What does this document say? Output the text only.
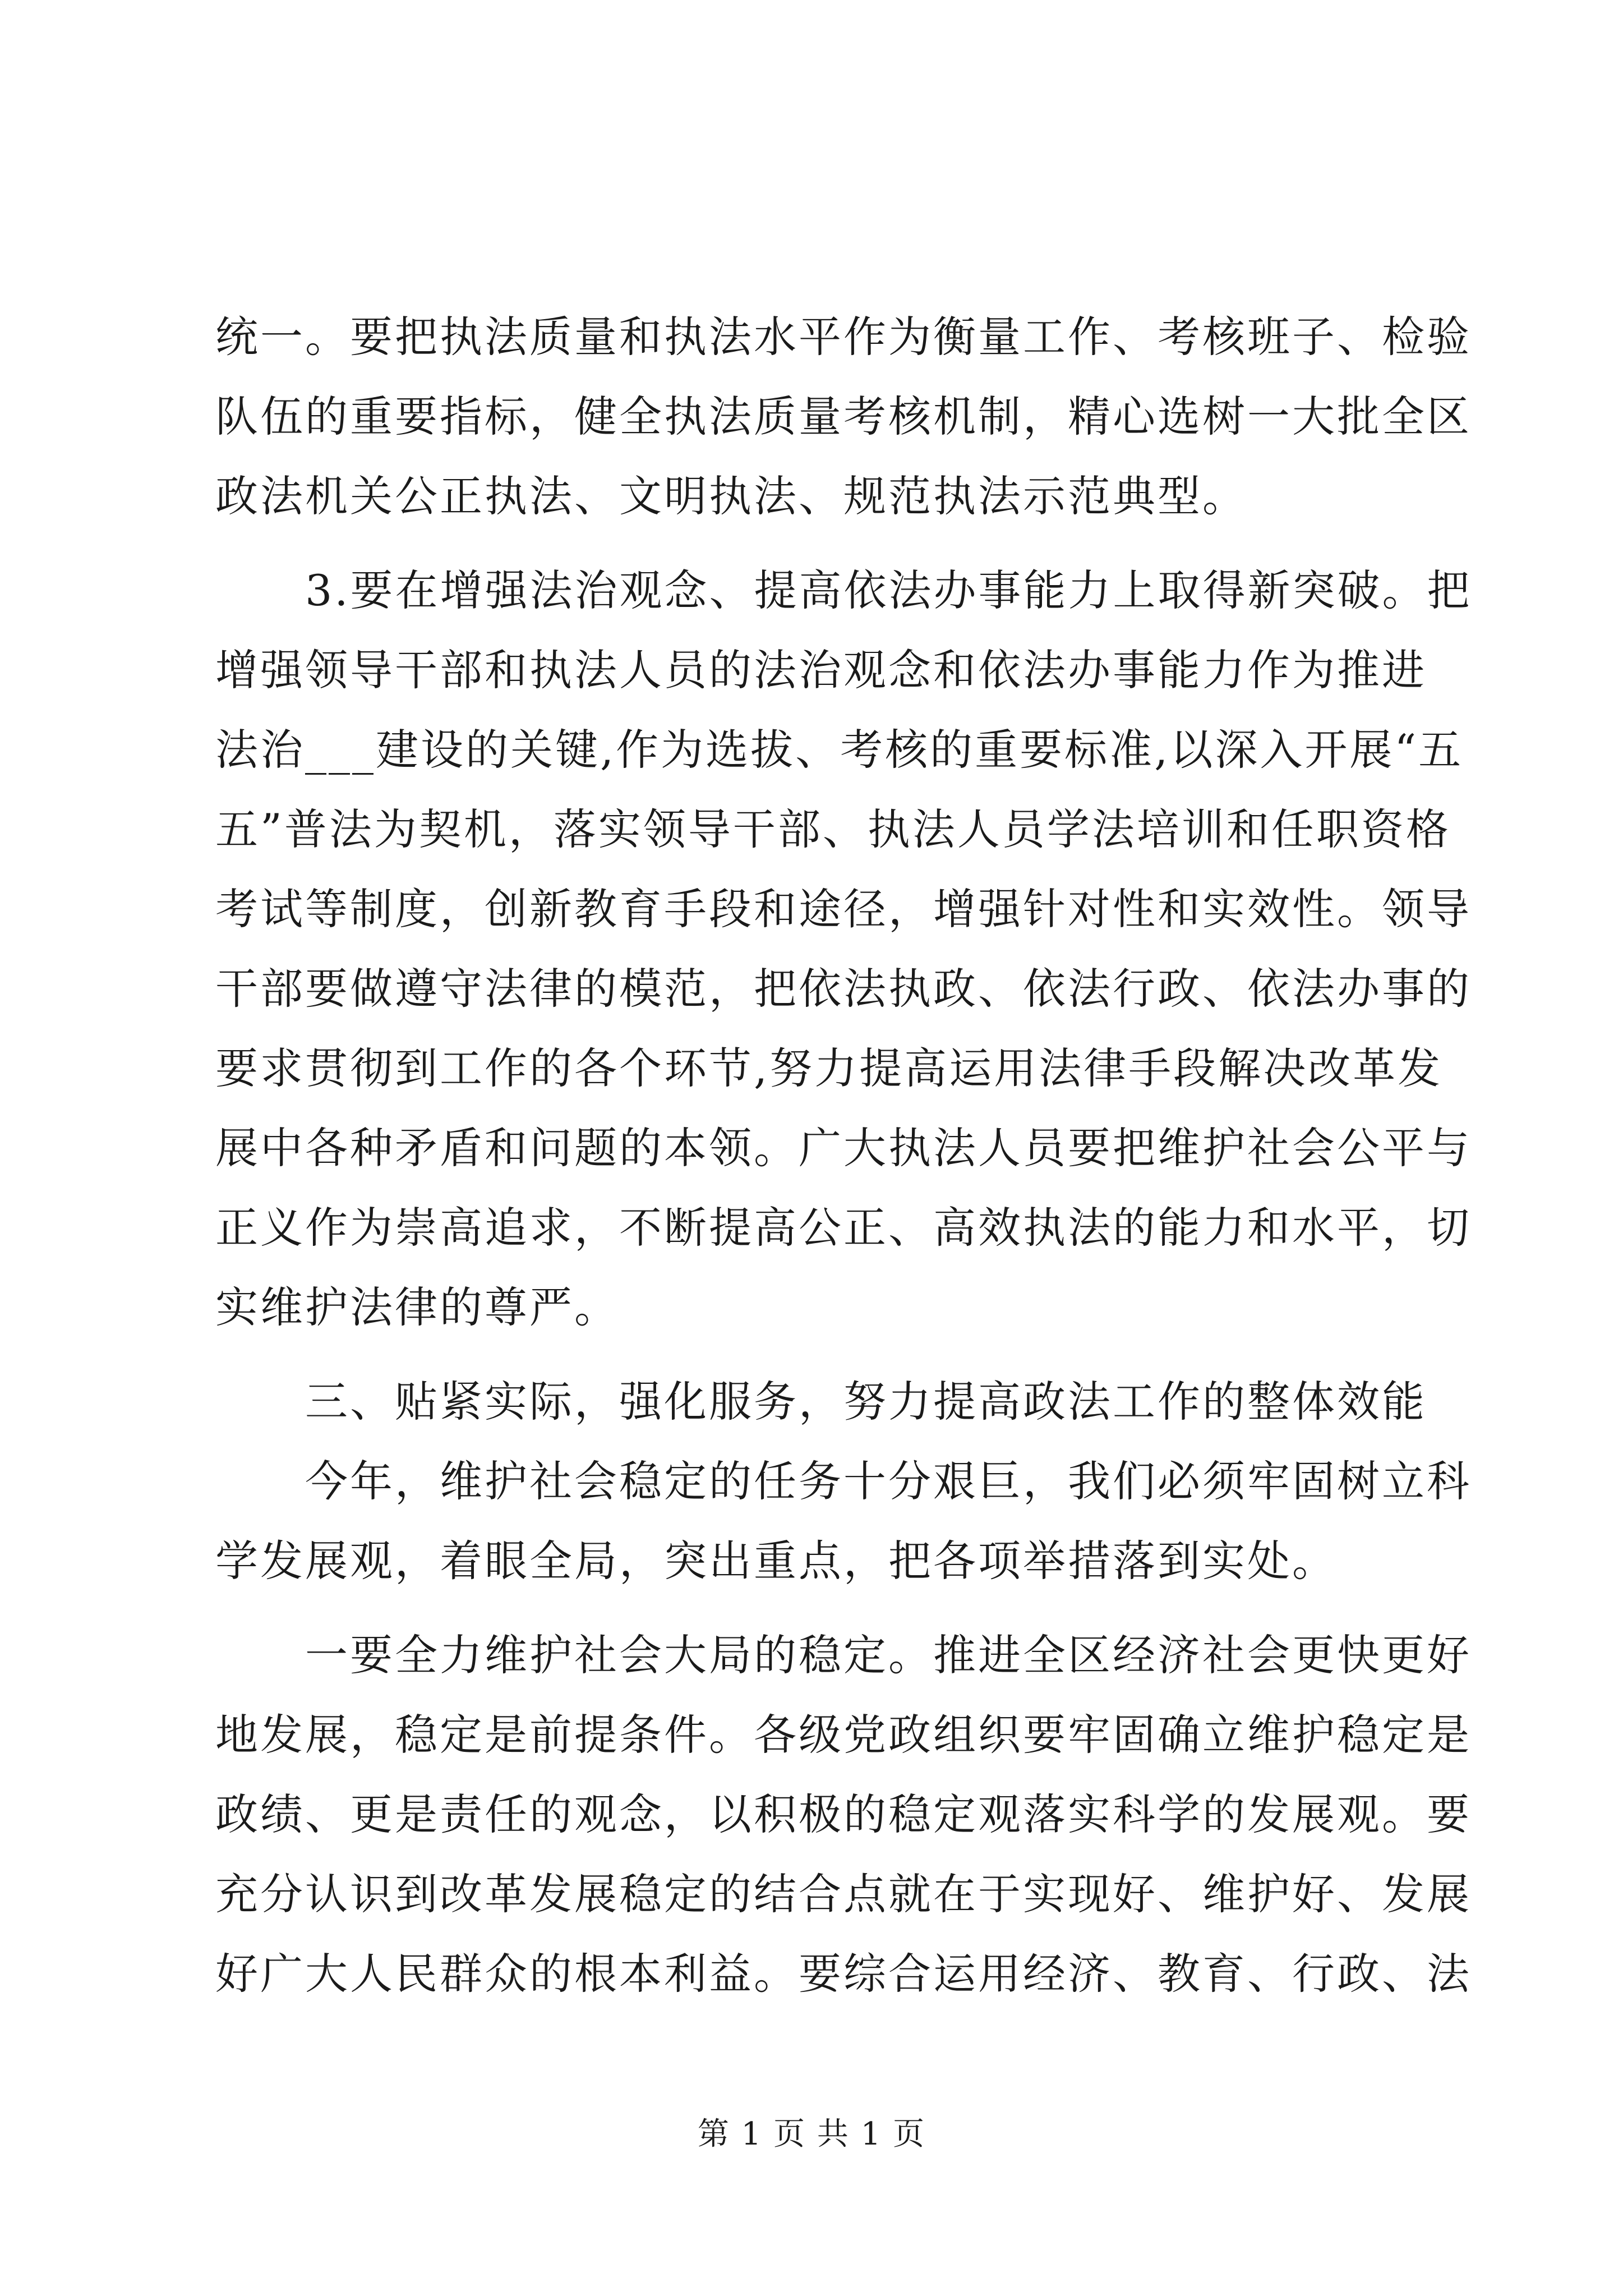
统一。要把执法质量和执法水平作为衡量工作、考核班子、检验
队伍的重要指标，健全执法质量考核机制，精心选树一大批全区
政法机关公正执法、文明执法、规范执法示范典型。
　　3.要在增强法治观念、提高依法办事能力上取得新突破。把
增强领导干部和执法人员的法治观念和依法办事能力作为推进
法治___建设的关键,作为选拔、考核的重要标准,以深入开展“五
五”普法为契机，落实领导干部、执法人员学法培训和任职资格
考试等制度，创新教育手段和途径，增强针对性和实效性。领导
干部要做遵守法律的模范，把依法执政、依法行政、依法办事的
要求贯彻到工作的各个环节,努力提高运用法律手段解决改革发
展中各种矛盾和问题的本领。广大执法人员要把维护社会公平与
正义作为崇高追求，不断提高公正、高效执法的能力和水平，切
实维护法律的尊严。
　　三、贴紧实际，强化服务，努力提高政法工作的整体效能
　　今年，维护社会稳定的任务十分艰巨，我们必须牢固树立科
学发展观，着眼全局，突出重点，把各项举措落到实处。
　　一要全力维护社会大局的稳定。推进全区经济社会更快更好
地发展，稳定是前提条件。各级党政组织要牢固确立维护稳定是
政绩、更是责任的观念，以积极的稳定观落实科学的发展观。要
充分认识到改革发展稳定的结合点就在于实现好、维护好、发展
好广大人民群众的根本利益。要综合运用经济、教育、行政、法
第 1 页 共 1 页
